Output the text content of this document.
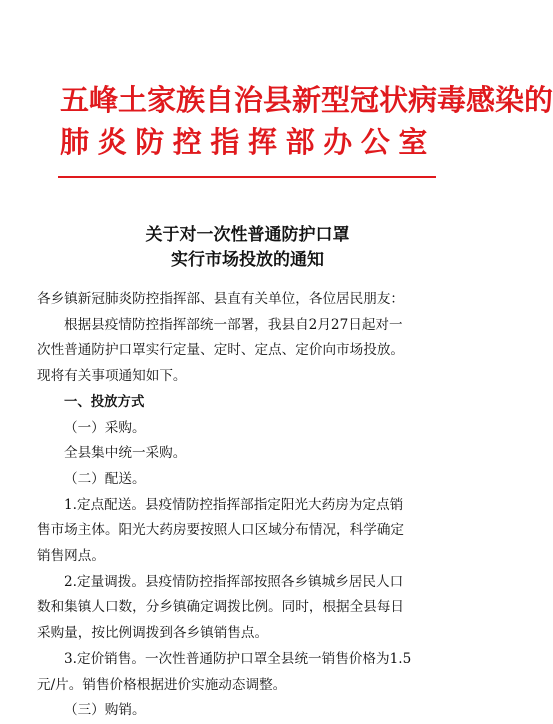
五峰土家族自治县新型冠状病毒感染的
肺炎防控指挥部办公室
关于对一次性普通防护口罩
实行市场投放的通知
各乡镇新冠肺炎防控指挥部、县直有关单位，各位居民朋友：
根据县疫情防控指挥部统一部署，我县自2月27日起对一
次性普通防护口罩实行定量、定时、定点、定价向市场投放。
现将有关事项通知如下。
一、投放方式
（一）采购。
全县集中统一采购。
（二）配送。
1.定点配送。县疫情防控指挥部指定阳光大药房为定点销
售市场主体。阳光大药房要按照人口区域分布情况，科学确定
销售网点。
2.定量调拨。县疫情防控指挥部按照各乡镇城乡居民人口
数和集镇人口数，分乡镇确定调拨比例。同时，根据全县每日
采购量，按比例调拨到各乡镇销售点。
3.定价销售。一次性普通防护口罩全县统一销售价格为1.5
元/片。销售价格根据进价实施动态调整。
（三）购销。
